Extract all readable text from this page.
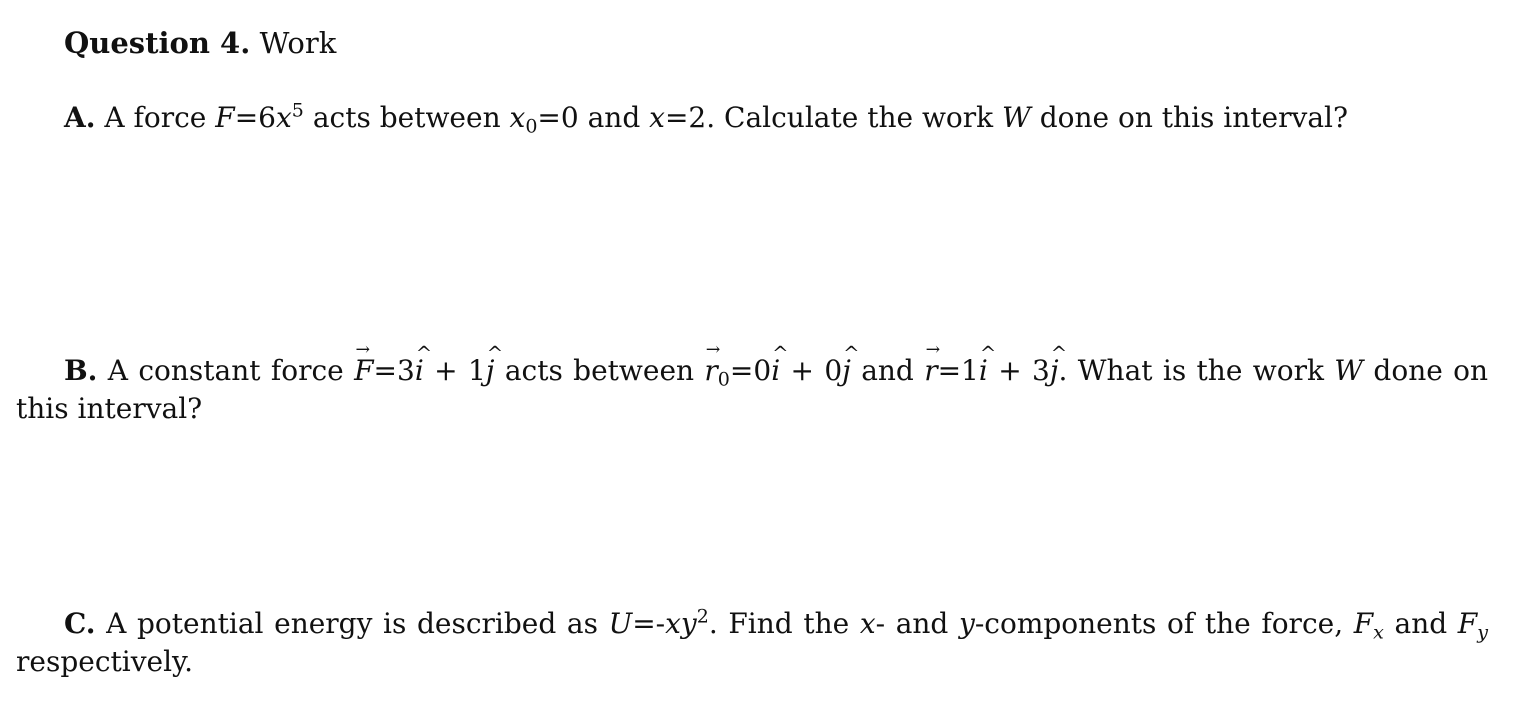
Question 4. Work
A. A force $F=6x^5$ acts between $x_0=0$ and x=2. Calculate the work W done on this interval?
B. A constant force → F=3^ i + 1^ j acts between → $r_0=0\^{}$ i + 0^ j and → r=1^ i + 3^ j. What is the work W done on this interval?
C. A potential energy is described as $U=-xy^2$. Find the x- and y-components of the force, $F_x$ and $F_y$ respectively.
